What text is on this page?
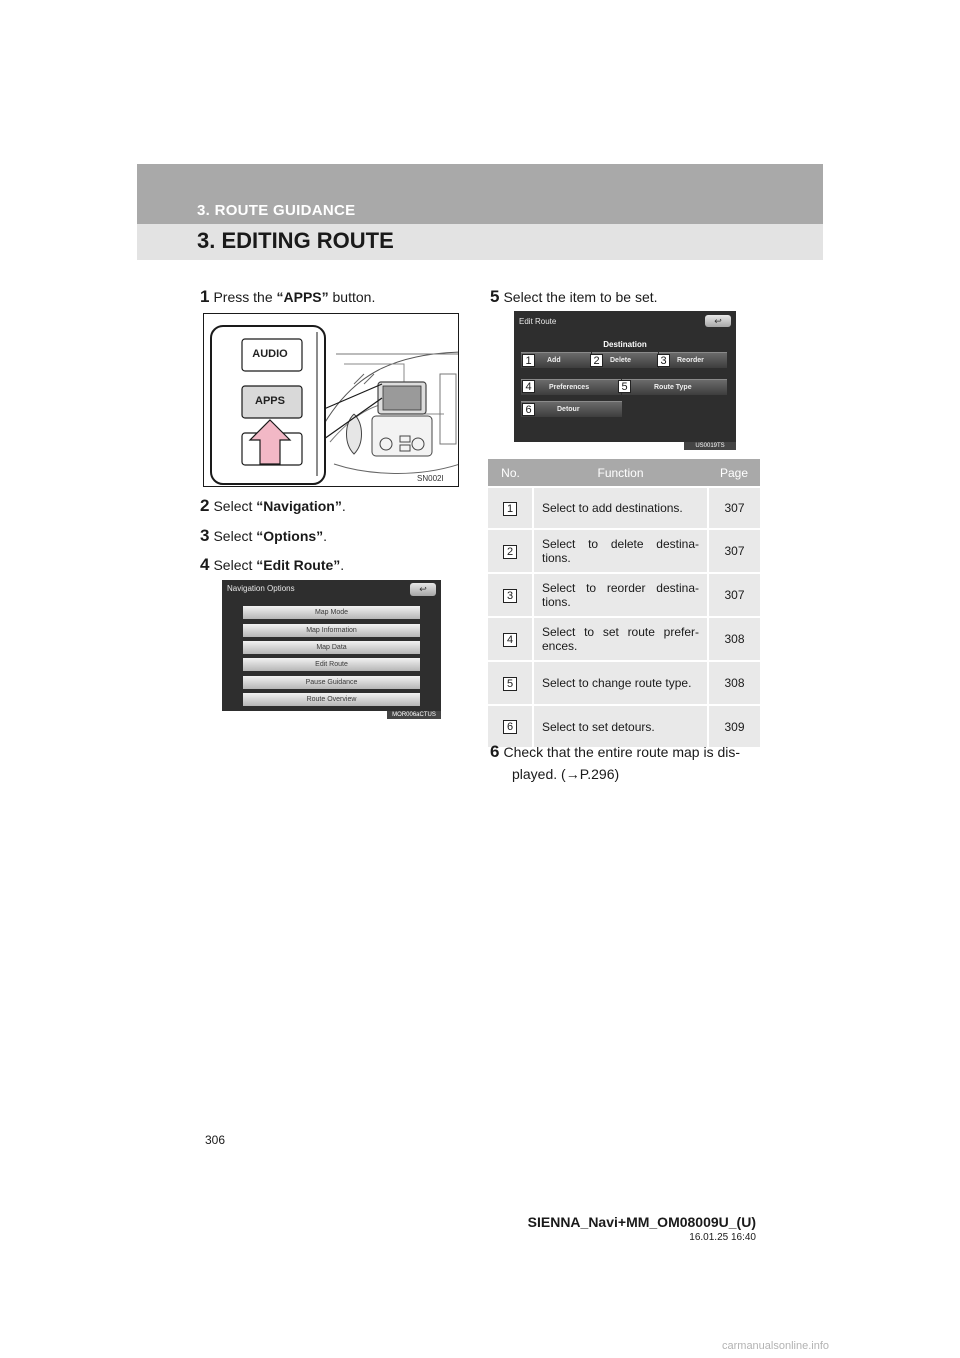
3. ROUTE GUIDANCE
3. EDITING ROUTE
1 Press the “APPS” button.
AUDIO
APPS
SN002I
2 Select “Navigation”.
3 Select “Options”.
4 Select “Edit Route”.
Navigation Options	↩
Map Mode
Map Information
Map Data
Edit Route
Pause Guidance
Route Overview
MOR006aCTUS
5 Select the item to be set.
Edit Route	↩
Destination
Add	Delete	Reorder
Preferences	Route Type
Detour
1	2	3
4	5
6
US0019TS
No.	Function	Page
1	Select to add destinations.	307
2	Select to delete destina- tions.	307
3	Select to reorder destina- tions.	307
4	Select to set route prefer- ences.	308
5	Select to change route type.	308
6	Select to set detours.	309
6 Check that the entire route map is dis-
played. (→P.296)
306
SIENNA_Navi+MM_OM08009U_(U)
16.01.25 16:40
carmanualsonline.info
